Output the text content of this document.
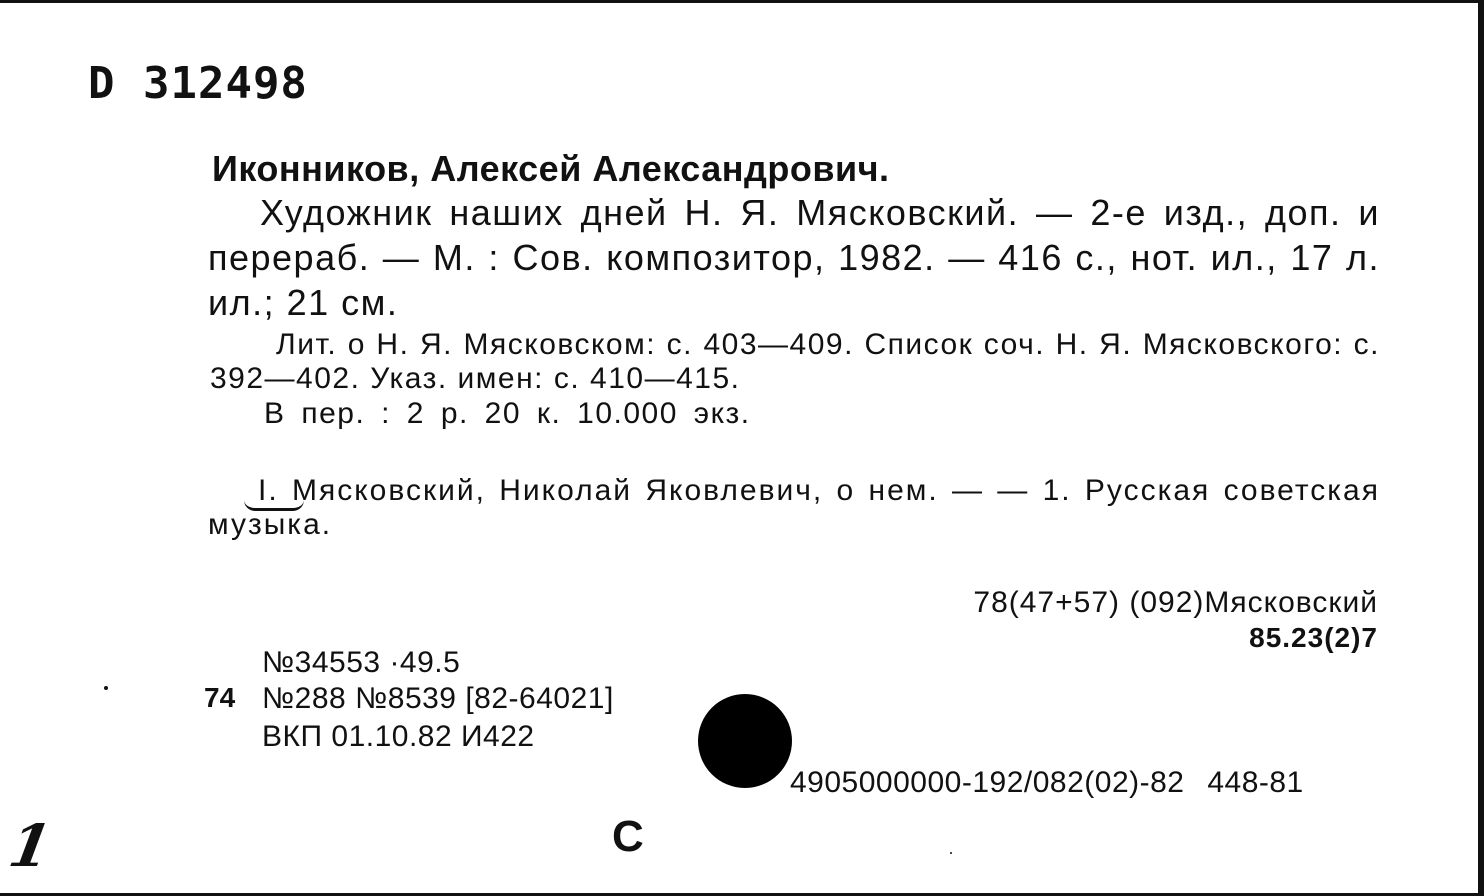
D 312498
Иконников, Алексей Александрович.
Художник наших дней Н. Я. Мясковский. — 2-е изд., доп. и перераб. — М. : Сов. композитор, 1982. — 416 с., нот. ил., 17 л. ил.; 21 см.
Лит. о Н. Я. Мясковском: с. 403—409. Список соч. Н. Я. Мясковского: с. 392—402. Указ. имен: с. 410—415.
В пер. : 2 р. 20 к. 10.000 экз.
I. Мясковский, Николай Яковлевич, о нем. — — 1. Русская советская музыка.
78(47+57) (092)Мясковский
85.23(2)7
№34553 ·49.5
74 №288 №8539 [82-64021]
ВКП 01.10.82 И422
4905000000-192/082(02)-82 448-81
С
1
